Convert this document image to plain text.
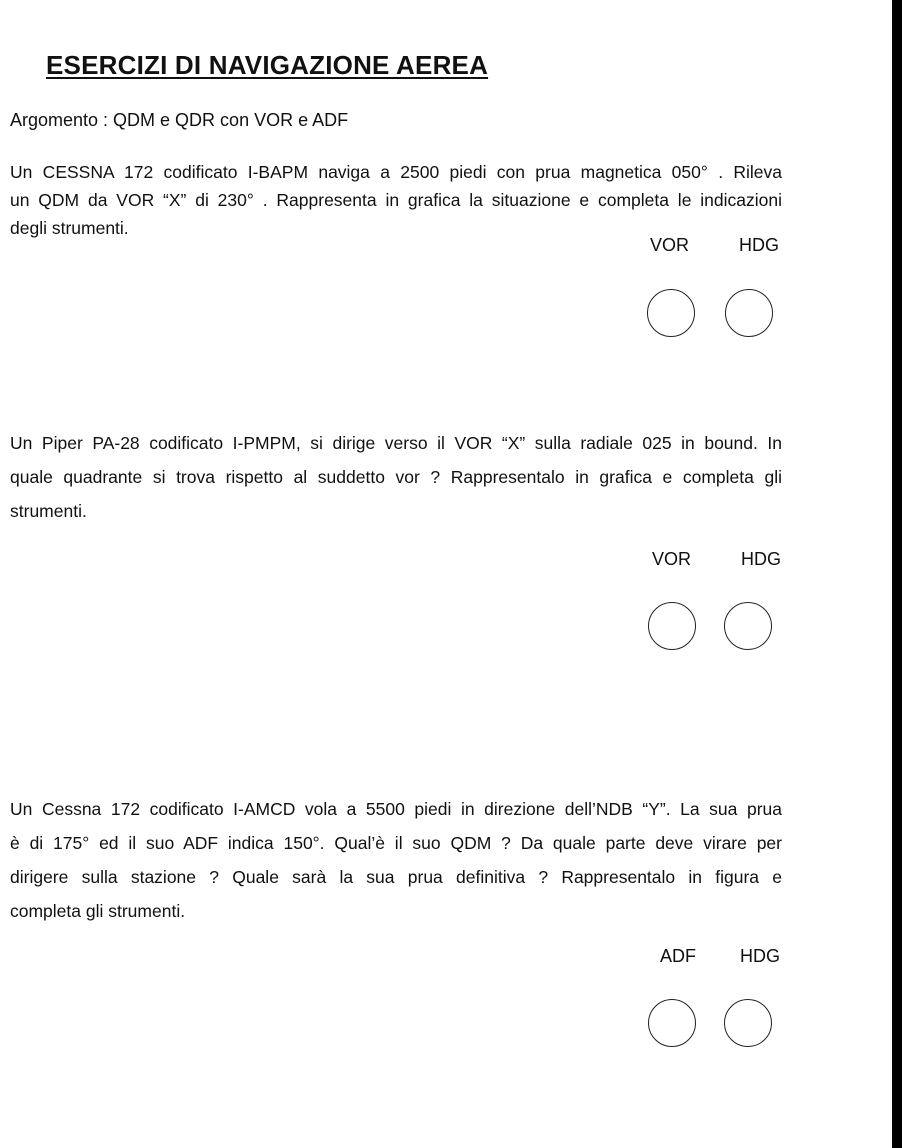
ESERCIZI DI NAVIGAZIONE AEREA
Argomento : QDM e QDR con VOR e ADF
Un CESSNA 172 codificato I-BAPM naviga a 2500 piedi con prua magnetica 050° . Rileva
un QDM da VOR “X” di 230° . Rappresenta in grafica la situazione e completa le indicazioni
degli strumenti.
VOR	HDG
Un Piper PA-28 codificato I-PMPM, si dirige verso il VOR “X” sulla radiale 025 in bound. In
quale quadrante si trova rispetto al suddetto vor ? Rappresentalo in grafica e completa gli
strumenti.
VOR	HDG
Un Cessna 172 codificato I-AMCD vola a 5500 piedi in direzione dell’NDB “Y”. La sua prua
è di 175° ed il suo ADF indica 150°. Qual’è il suo QDM ? Da quale parte deve virare per
dirigere sulla stazione ? Quale sarà la sua prua definitiva ? Rappresentalo in figura e
completa gli strumenti.
ADF HDG
